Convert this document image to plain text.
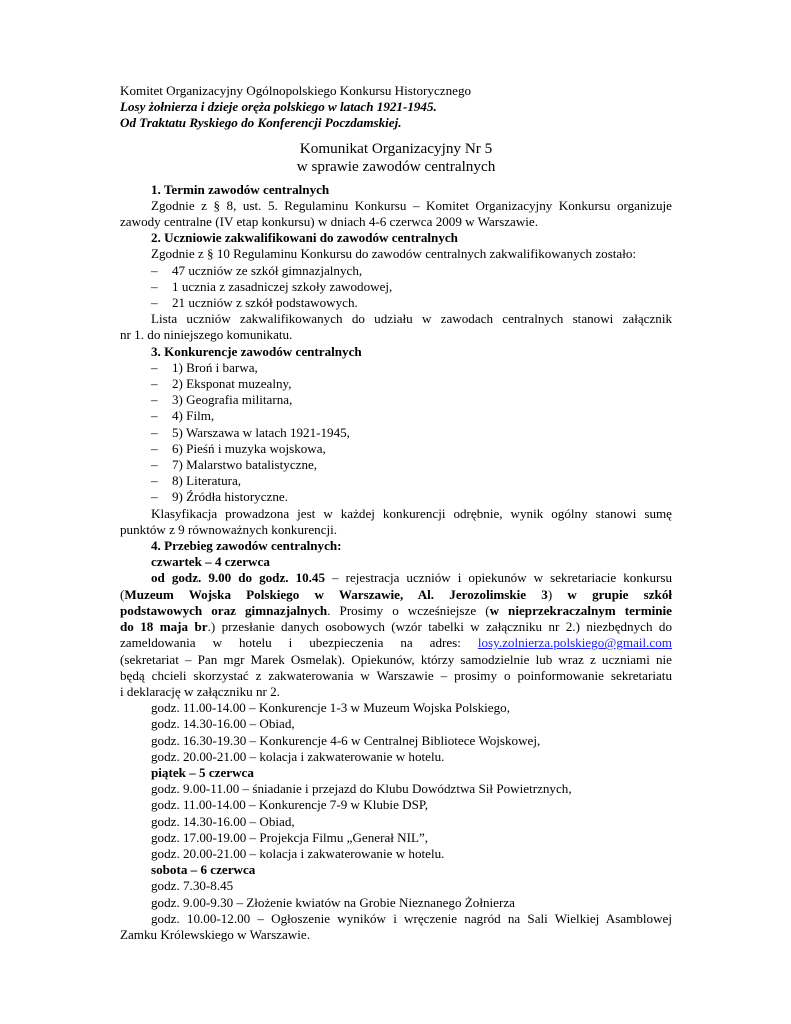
Komitet Organizacyjny Ogólnopolskiego Konkursu Historycznego
Losy żołnierza i dzieje oręża polskiego w latach 1921-1945.
Od Traktatu Ryskiego do Konferencji Poczdamskiej.
Komunikat Organizacyjny Nr 5
w sprawie zawodów centralnych
1. Termin zawodów centralnych
Zgodnie z § 8, ust. 5. Regulaminu Konkursu – Komitet Organizacyjny Konkursu organizuje
zawody centralne (IV etap konkursu) w dniach 4-6 czerwca 2009 w Warszawie.
2. Uczniowie zakwalifikowani do zawodów centralnych
Zgodnie z § 10 Regulaminu Konkursu do zawodów centralnych zakwalifikowanych zostało:
– 47 uczniów ze szkół gimnazjalnych,
– 1 ucznia z zasadniczej szkoły zawodowej,
– 21 uczniów z szkół podstawowych.
Lista uczniów zakwalifikowanych do udziału w zawodach centralnych stanowi załącznik
nr 1. do niniejszego komunikatu.
3. Konkurencje zawodów centralnych
– 1) Broń i barwa,
– 2) Eksponat muzealny,
– 3) Geografia militarna,
– 4) Film,
– 5) Warszawa w latach 1921-1945,
– 6) Pieśń i muzyka wojskowa,
– 7) Malarstwo batalistyczne,
– 8) Literatura,
– 9) Źródła historyczne.
Klasyfikacja prowadzona jest w każdej konkurencji odrębnie, wynik ogólny stanowi sumę
punktów z 9 równoważnych konkurencji.
4. Przebieg zawodów centralnych:
czwartek – 4 czerwca
od godz. 9.00 do godz. 10.45 – rejestracja uczniów i opiekunów w sekretariacie konkursu
(Muzeum Wojska Polskiego w Warszawie, Al. Jerozolimskie 3) w grupie szkół
podstawowych oraz gimnazjalnych. Prosimy o wcześniejsze (w nieprzekraczalnym terminie
do 18 maja br.) przesłanie danych osobowych (wzór tabelki w załączniku nr 2.) niezbędnych do
zameldowania w hotelu i ubezpieczenia na adres: losy.zolnierza.polskiego@gmail.com
(sekretariat – Pan mgr Marek Osmelak). Opiekunów, którzy samodzielnie lub wraz z uczniami nie
będą chcieli skorzystać z zakwaterowania w Warszawie – prosimy o poinformowanie sekretariatu
i deklarację w załączniku nr 2.
godz. 11.00-14.00 – Konkurencje 1-3 w Muzeum Wojska Polskiego,
godz. 14.30-16.00 – Obiad,
godz. 16.30-19.30 – Konkurencje 4-6 w Centralnej Bibliotece Wojskowej,
godz. 20.00-21.00 – kolacja i zakwaterowanie w hotelu.
piątek – 5 czerwca
godz. 9.00-11.00 – śniadanie i przejazd do Klubu Dowództwa Sił Powietrznych,
godz. 11.00-14.00 – Konkurencje 7-9 w Klubie DSP,
godz. 14.30-16.00 – Obiad,
godz. 17.00-19.00 – Projekcja Filmu „Generał NIL”,
godz. 20.00-21.00 – kolacja i zakwaterowanie w hotelu.
sobota – 6 czerwca
godz. 7.30-8.45
godz. 9.00-9.30 – Złożenie kwiatów na Grobie Nieznanego Żołnierza
godz. 10.00-12.00 – Ogłoszenie wyników i wręczenie nagród na Sali Wielkiej Asamblowej
Zamku Królewskiego w Warszawie.
